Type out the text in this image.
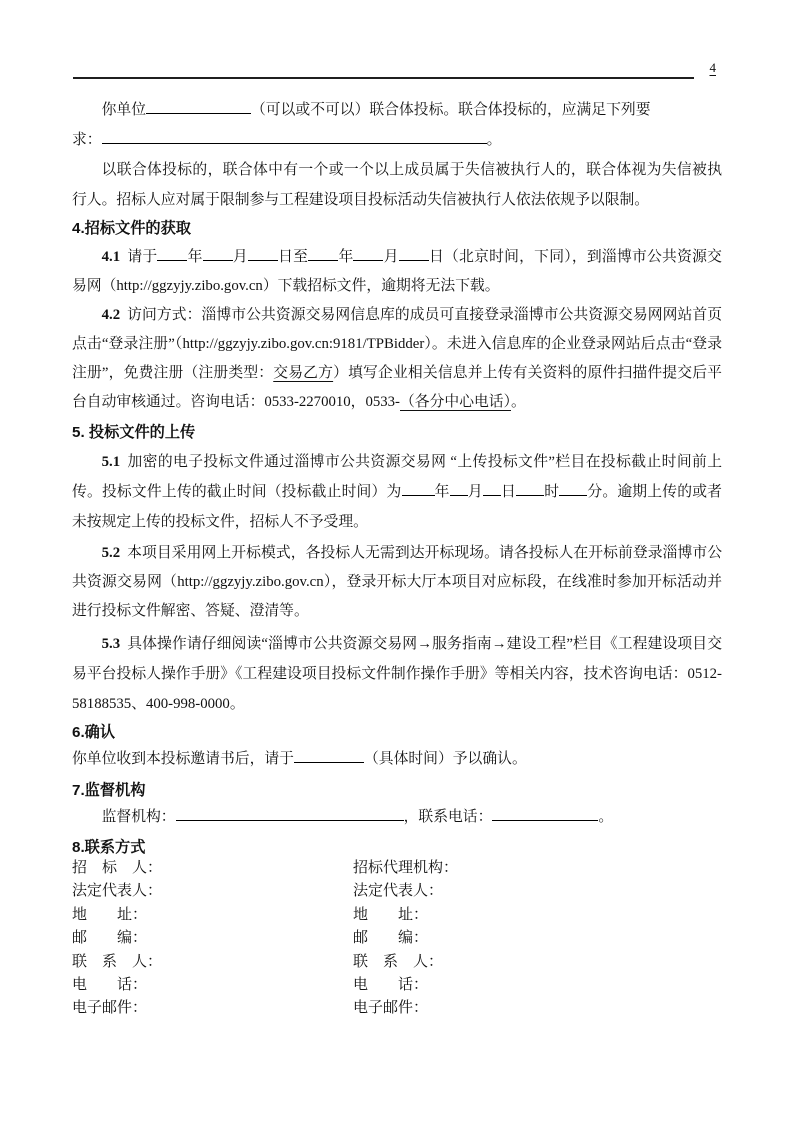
4
你单位	（可以或不可以）联合体投标。联合体投标的，应满足下列要
求：	。

以联合体投标的，联合体中有一个或一个以上成员属于失信被执行人的，联合体视为失信被执行人。招标人应对属于限制参与工程建设项目投标活动失信被执行人依法依规予以限制。

4.招标文件的获取

4.1 请于 年 月 日至 年 月 日（北京时间，下同），到淄博市公共资源交易网（http://ggzyjy.zibo.gov.cn）下载招标文件，逾期将无法下载。

4.2 访问方式：淄博市公共资源交易网信息库的成员可直接登录淄博市公共资源交易网网站首页点击“登录注册”（http://ggzyjy.zibo.gov.cn:9181/TPBidder）。未进入信息库的企业登录网站后点击“登录注册”，免费注册（注册类型：交易乙方）填写企业相关信息并上传有关资料的原件扫描件提交后平台自动审核通过。咨询电话：0533-2270010，0533-（各分中心电话）。

5. 投标文件的上传

5.1 加密的电子投标文件通过淄博市公共资源交易网 “上传投标文件”栏目在投标截止时间前上传。投标文件上传的截止时间（投标截止时间）为 年 月 日 时 分。逾期上传的或者未按规定上传的投标文件，招标人不予受理。

5.2 本项目采用网上开标模式，各投标人无需到达开标现场。请各投标人在开标前登录淄博市公共资源交易网（http://ggzyjy.zibo.gov.cn），登录开标大厅本项目对应标段，在线准时参加开标活动并进行投标文件解密、答疑、澄清等。

5.3 具体操作请仔细阅读“淄博市公共资源交易网→服务指南→建设工程”栏目《工程建设项目交易平台投标人操作手册》《工程建设项目投标文件制作操作手册》等相关内容，技术咨询电话：0512-58188535、400-998-0000。

6.确认
你单位收到本投标邀请书后，请于	（具体时间）予以确认。
7.监督机构
监督机构：	，联系电话：	。
8.联系方式
招　标　人：	招标代理机构：
法定代表人：	法定代表人：
地　　址：	地　　址：
邮　　编：	邮　　编：
联　系　人：	联　系　人：
电　　话：	电　　话：
电子邮件：	电子邮件：
